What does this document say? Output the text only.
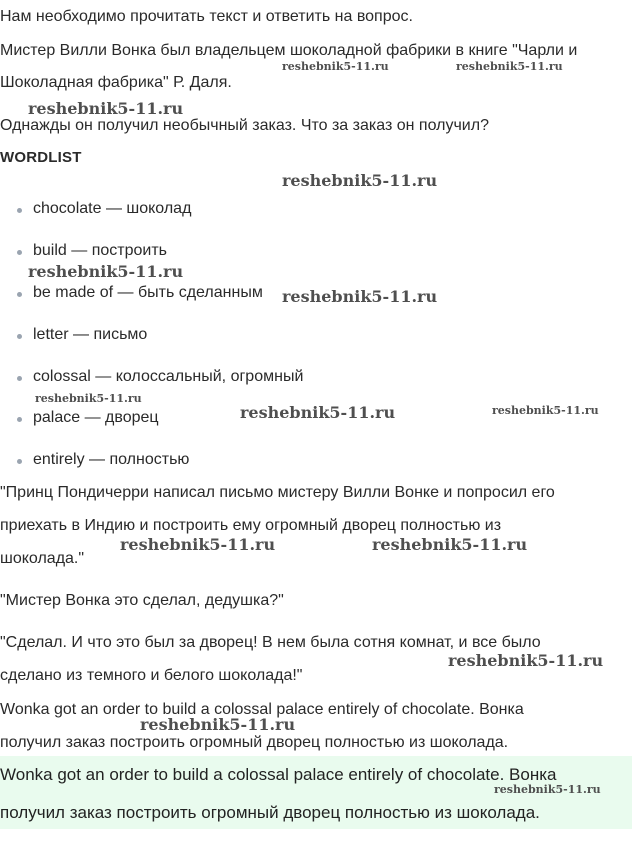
Нам необходимо прочитать текст и ответить на вопрос.
Мистер Вилли Вонка был владельцем шоколадной фабрики в книге "Чарли и
Шоколадная фабрика" Р. Даля.
Однажды он получил необычный заказ. Что за заказ он получил?
WORDLIST
chocolate — шоколад
build — построить
be made of — быть сделанным
letter — письмо
colossal — колоссальный, огромный
palace — дворец
entirely — полностью
"Принц Пондичерри написал письмо мистеру Вилли Вонке и попросил его
приехать в Индию и построить ему огромный дворец полностью из
шоколада."
"Мистер Вонка это сделал, дедушка?"
"Сделал. И что это был за дворец! В нем была сотня комнат, и все было
сделано из темного и белого шоколада!"
Wonka got an order to build a colossal palace entirely of chocolate. Вонка
получил заказ построить огромный дворец полностью из шоколада.
Wonka got an order to build a colossal palace entirely of chocolate. Вонка
получил заказ построить огромный дворец полностью из шоколада.
reshebnik5-11.ru	reshebnik5-11.ru
reshebnik5-11.ru
reshebnik5-11.ru
reshebnik5-11.ru
reshebnik5-11.ru
reshebnik5-11.ru
reshebnik5-11.ru	reshebnik5-11.ru
reshebnik5-11.ru	reshebnik5-11.ru
reshebnik5-11.ru
reshebnik5-11.ru
reshebnik5-11.ru
